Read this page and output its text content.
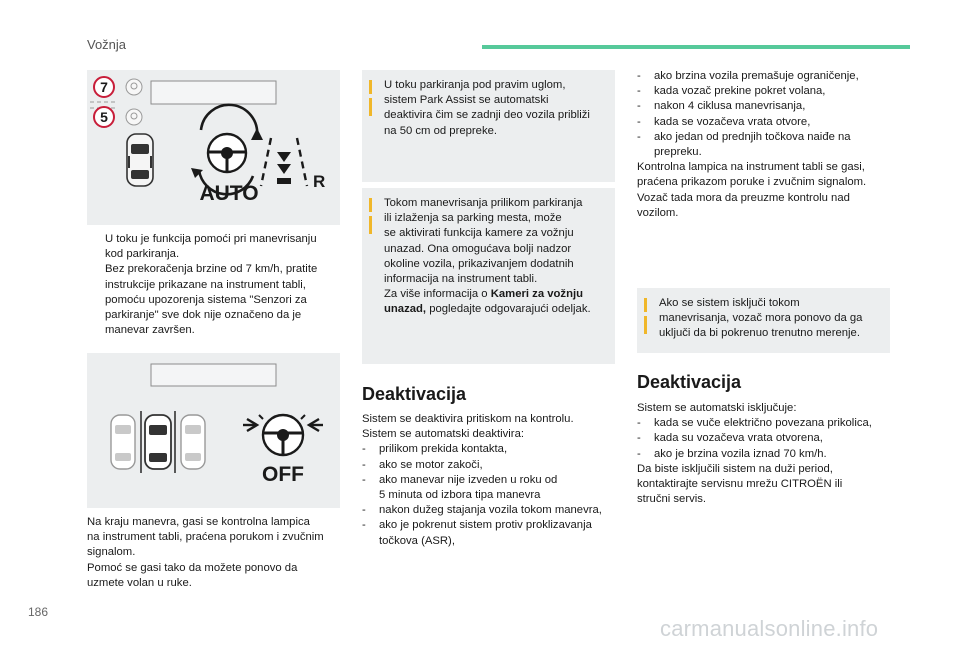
Vožnja
7
5
AUTO
R
U toku je funkcija pomoći pri manevrisanju
kod parkiranja.
Bez prekoračenja brzine od 7 km/h, pratite
instrukcije prikazane na instrument tabli,
pomoću upozorenja sistema "Senzori za
parkiranje" sve dok nije označeno da je
manevar završen.
OFF
Na kraju manevra, gasi se kontrolna lampica
na instrument tabli, praćena porukom i zvučnim
signalom.
Pomoć se gasi tako da možete ponovo da
uzmete volan u ruke.
U toku parkiranja pod pravim uglom,
sistem Park Assist se automatski
deaktivira čim se zadnji deo vozila približi
na 50 cm od prepreke.
Tokom manevrisanja prilikom parkiranja
ili izlaženja sa parking mesta, može
se aktivirati funkcija kamere za vožnju
unazad. Ona omogućava bolji nadzor
okoline vozila, prikazivanjem dodatnih
informacija na instrument tabli.
Za više informacija o Kameri za vožnju
unazad, pogledajte odgovarajući odeljak.
Deaktivacija
Sistem se deaktivira pritiskom na kontrolu.
Sistem se automatski deaktivira:
-	prilikom prekida kontakta,
-	ako se motor zakoči,
-	ako manevar nije izveden u roku od
5 minuta od izbora tipa manevra
-	nakon dužeg stajanja vozila tokom manevra,
-	ako je pokrenut sistem protiv proklizavanja
točkova (ASR),
-	ako brzina vozila premašuje ograničenje,
-	kada vozač prekine pokret volana,
-	nakon 4 ciklusa manevrisanja,
-	kada se vozačeva vrata otvore,
-	ako jedan od prednjih točkova naiđe na
prepreku.
Kontrolna lampica na instrument tabli se gasi,
praćena prikazom poruke i zvučnim signalom.
Vozač tada mora da preuzme kontrolu nad
vozilom.
Ako se sistem isključi tokom
manevrisanja, vozač mora ponovo da ga
uključi da bi pokrenuo trenutno merenje.
Deaktivacija
Sistem se automatski isključuje:
-	kada se vuče električno povezana prikolica,
-	kada su vozačeva vrata otvorena,
-	ako je brzina vozila iznad 70 km/h.
Da biste isključili sistem na duži period,
kontaktirajte servisnu mrežu CITROËN ili
stručni servis.
186
carmanualsonline.info
